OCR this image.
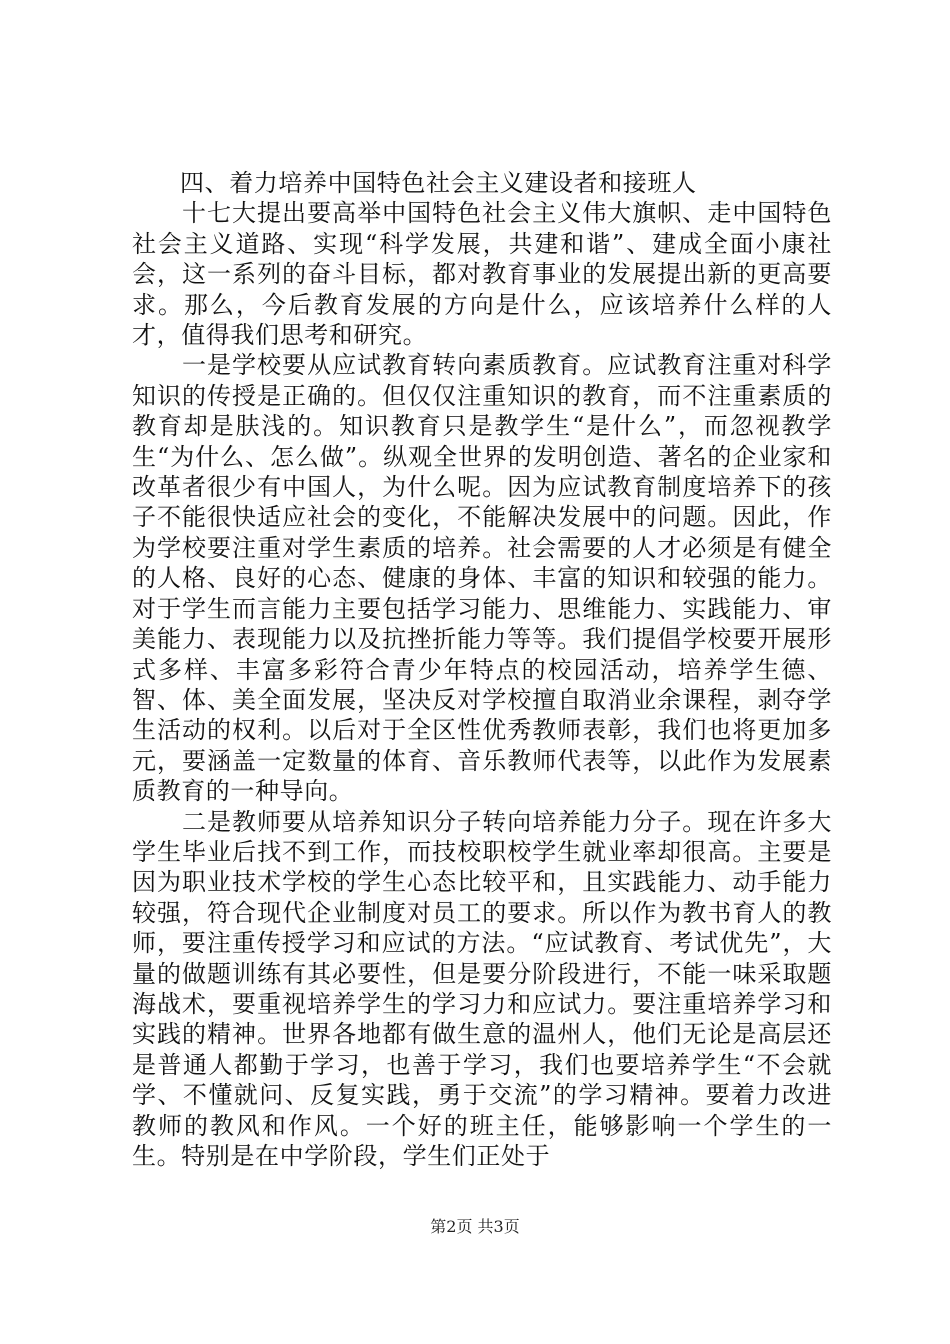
四、着力培养中国特色社会主义建设者和接班人

十七大提出要高举中国特色社会主义伟大旗帜、走中国特色社会主义道路、实现“科学发展，共建和谐”、建成全面小康社会，这一系列的奋斗目标，都对教育事业的发展提出新的更高要求。那么，今后教育发展的方向是什么，应该培养什么样的人才，值得我们思考和研究。

一是学校要从应试教育转向素质教育。应试教育注重对科学知识的传授是正确的。但仅仅注重知识的教育，而不注重素质的教育却是肤浅的。知识教育只是教学生“是什么”，而忽视教学生“为什么、怎么做”。纵观全世界的发明创造、著名的企业家和改革者很少有中国人，为什么呢。因为应试教育制度培养下的孩子不能很快适应社会的变化，不能解决发展中的问题。因此，作为学校要注重对学生素质的培养。社会需要的人才必须是有健全的人格、良好的心态、健康的身体、丰富的知识和较强的能力。对于学生而言能力主要包括学习能力、思维能力、实践能力、审美能力、表现能力以及抗挫折能力等等。我们提倡学校要开展形式多样、丰富多彩符合青少年特点的校园活动，培养学生德、智、体、美全面发展，坚决反对学校擅自取消业余课程，剥夺学生活动的权利。以后对于全区性优秀教师表彰，我们也将更加多元，要涵盖一定数量的体育、音乐教师代表等，以此作为发展素质教育的一种导向。

二是教师要从培养知识分子转向培养能力分子。现在许多大学生毕业后找不到工作，而技校职校学生就业率却很高。主要是因为职业技术学校的学生心态比较平和，且实践能力、动手能力较强，符合现代企业制度对员工的要求。所以作为教书育人的教师，要注重传授学习和应试的方法。“应试教育、考试优先”，大量的做题训练有其必要性，但是要分阶段进行，不能一味采取题海战术，要重视培养学生的学习力和应试力。要注重培养学习和实践的精神。世界各地都有做生意的温州人，他们无论是高层还是普通人都勤于学习，也善于学习，我们也要培养学生“不会就学、不懂就问、反复实践，勇于交流”的学习精神。要着力改进教师的教风和作风。一个好的班主任，能够影响一个学生的一生。特别是在中学阶段，学生们正处于

第2页 共3页
